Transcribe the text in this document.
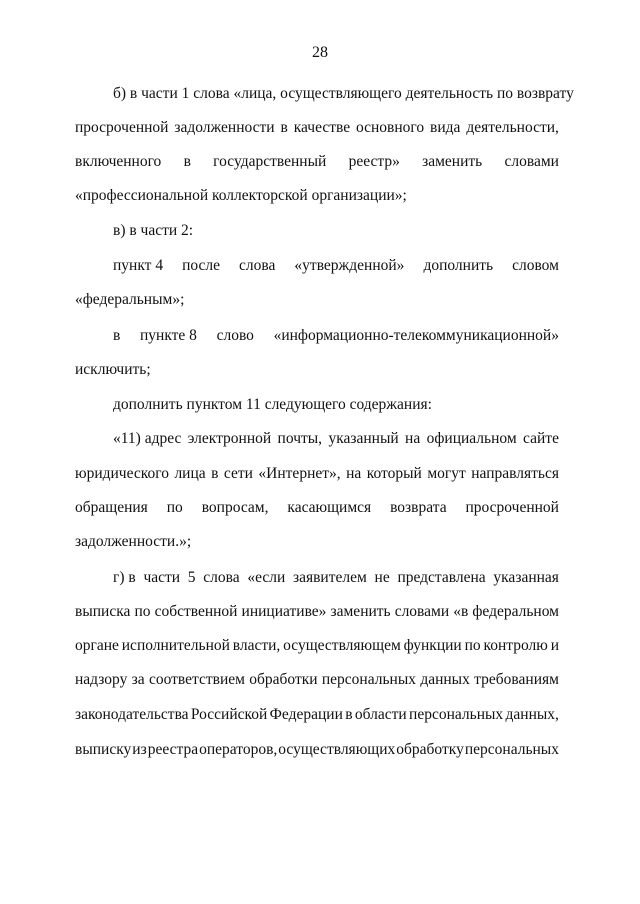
28
б) в части 1 слова «лица, осуществляющего деятельность по возврату
просроченной задолженности в качестве основного вида деятельности,
включенного в государственный реестр» заменить словами
«профессиональной коллекторской организации»;
в) в части 2:
пункт 4 после слова «утвержденной» дополнить словом
«федеральным»;
в пункте 8 слово «информационно-телекоммуникационной»
исключить;
дополнить пунктом 11 следующего содержания:
«11) адрес электронной почты, указанный на официальном сайте
юридического лица в сети «Интернет», на который могут направляться
обращения по вопросам, касающимся возврата просроченной
задолженности.»;
г) в части 5 слова «если заявителем не представлена указанная
выписка по собственной инициативе» заменить словами «в федеральном
органе исполнительной власти, осуществляющем функции по контролю и
надзору за соответствием обработки персональных данных требованиям
законодательства Российской Федерации в области персональных данных,
выписку из реестра операторов, осуществляющих обработку персональных
